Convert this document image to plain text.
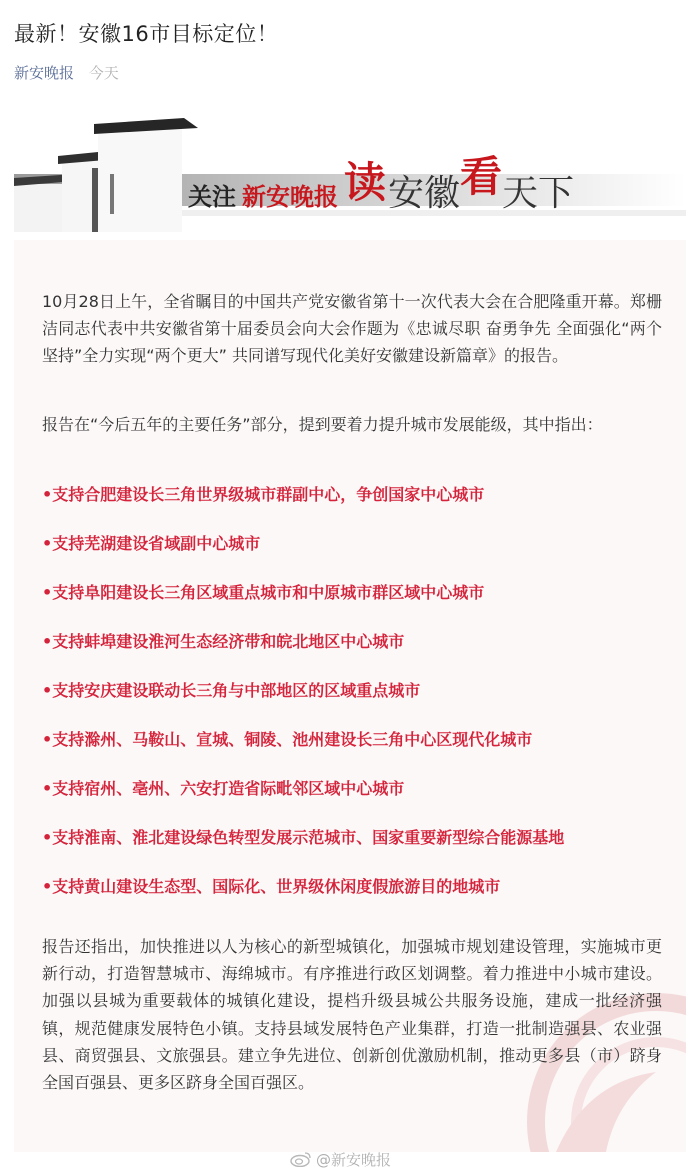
最新！安徽16市目标定位！
新安晚报 今天
关注 新安晚报 读安徽看天下
10月28日上午，全省瞩目的中国共产党安徽省第十一次代表大会在合肥隆重开幕。郑栅洁同志代表中共安徽省第十届委员会向大会作题为《忠诚尽职 奋勇争先 全面强化“两个坚持”全力实现“两个更大” 共同谱写现代化美好安徽建设新篇章》的报告。
报告在“今后五年的主要任务”部分，提到要着力提升城市发展能级，其中指出：
•支持合肥建设长三角世界级城市群副中心，争创国家中心城市
•支持芜湖建设省域副中心城市
•支持阜阳建设长三角区域重点城市和中原城市群区域中心城市
•支持蚌埠建设淮河生态经济带和皖北地区中心城市
•支持安庆建设联动长三角与中部地区的区域重点城市
•支持滁州、马鞍山、宣城、铜陵、池州建设长三角中心区现代化城市
•支持宿州、亳州、六安打造省际毗邻区域中心城市
•支持淮南、淮北建设绿色转型发展示范城市、国家重要新型综合能源基地
•支持黄山建设生态型、国际化、世界级休闲度假旅游目的地城市
报告还指出，加快推进以人为核心的新型城镇化，加强城市规划建设管理，实施城市更新行动，打造智慧城市、海绵城市。有序推进行政区划调整。着力推进中小城市建设。加强以县城为重要载体的城镇化建设，提档升级县城公共服务设施，建成一批经济强镇，规范健康发展特色小镇。支持县域发展特色产业集群，打造一批制造强县、农业强县、商贸强县、文旅强县。建立争先进位、创新创优激励机制，推动更多县（市）跻身全国百强县、更多区跻身全国百强区。
@新安晚报
